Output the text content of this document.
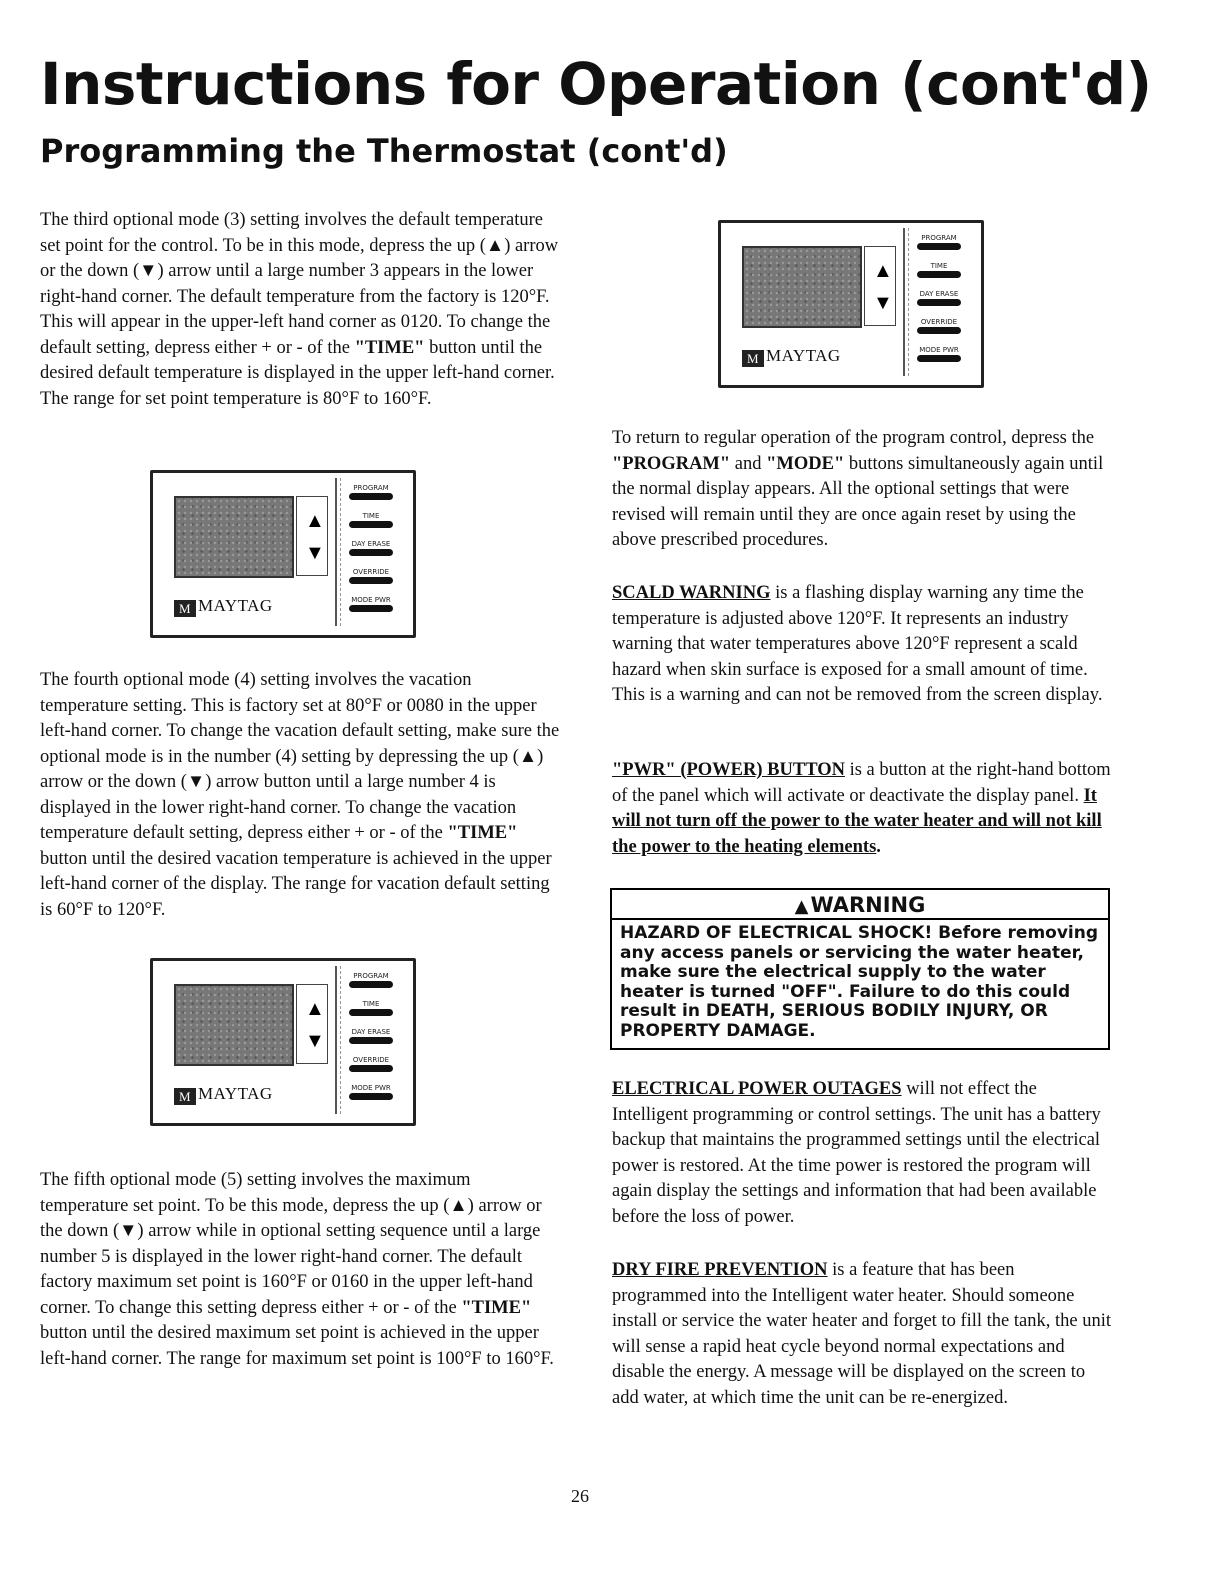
Instructions for Operation (cont'd)
Programming the Thermostat (cont'd)

The third optional mode (3) setting involves the default temperature set point for the control. To be in this mode, depress the up (▲) arrow or the down (▼) arrow until a large number 3 appears in the lower right-hand corner. The default temperature from the factory is 120°F. This will appear in the upper-left hand corner as 0120. To change the default setting, depress either + or - of the "TIME" button until the desired default temperature is displayed in the upper left-hand corner. The range for set point temperature is 80°F to 160°F.

▲
▼
M MAYTAG
PROGRAM
TIME
DAY ERASE
OVERRIDE
MODE PWR

The fourth optional mode (4) setting involves the vacation temperature setting. This is factory set at 80°F or 0080 in the upper left-hand corner. To change the vacation default setting, make sure the optional mode is in the number (4) setting by depressing the up (▲) arrow or the down (▼) arrow button until a large number 4 is displayed in the lower right-hand corner. To change the vacation temperature default setting, depress either + or - of the "TIME" button until the desired vacation temperature is achieved in the upper left-hand corner of the display. The range for vacation default setting is 60°F to 120°F.

▲
▼
M MAYTAG
PROGRAM
TIME
DAY ERASE
OVERRIDE
MODE PWR

The fifth optional mode (5) setting involves the maximum temperature set point. To be this mode, depress the up (▲) arrow or the down (▼) arrow while in optional setting sequence until a large number 5 is displayed in the lower right-hand corner. The default factory maximum set point is 160°F or 0160 in the upper left-hand corner. To change this setting depress either + or - of the "TIME" button until the desired maximum set point is achieved in the upper left-hand corner. The range for maximum set point is 100°F to 160°F.

▲
▼
M MAYTAG
PROGRAM
TIME
DAY ERASE
OVERRIDE
MODE PWR

To return to regular operation of the program control, depress the "PROGRAM" and "MODE" buttons simultaneously again until the normal display appears. All the optional settings that were revised will remain until they are once again reset by using the above prescribed procedures.

SCALD WARNING is a flashing display warning any time the temperature is adjusted above 120°F. It represents an industry warning that water temperatures above 120°F represent a scald hazard when skin surface is exposed for a small amount of time. This is a warning and can not be removed from the screen display.

"PWR" (POWER) BUTTON is a button at the right-hand bottom of the panel which will activate or deactivate the display panel. It will not turn off the power to the water heater and will not kill the power to the heating elements.

▲WARNING
HAZARD OF ELECTRICAL SHOCK! Before removing any access panels or servicing the water heater, make sure the electrical supply to the water heater is turned "OFF". Failure to do this could result in DEATH, SERIOUS BODILY INJURY, OR PROPERTY DAMAGE.

ELECTRICAL POWER OUTAGES will not effect the Intelligent programming or control settings. The unit has a battery backup that maintains the programmed settings until the electrical power is restored. At the time power is restored the program will again display the settings and information that had been available before the loss of power.

DRY FIRE PREVENTION is a feature that has been programmed into the Intelligent water heater. Should someone install or service the water heater and forget to fill the tank, the unit will sense a rapid heat cycle beyond normal expectations and disable the energy. A message will be displayed on the screen to add water, at which time the unit can be re-energized.

26
